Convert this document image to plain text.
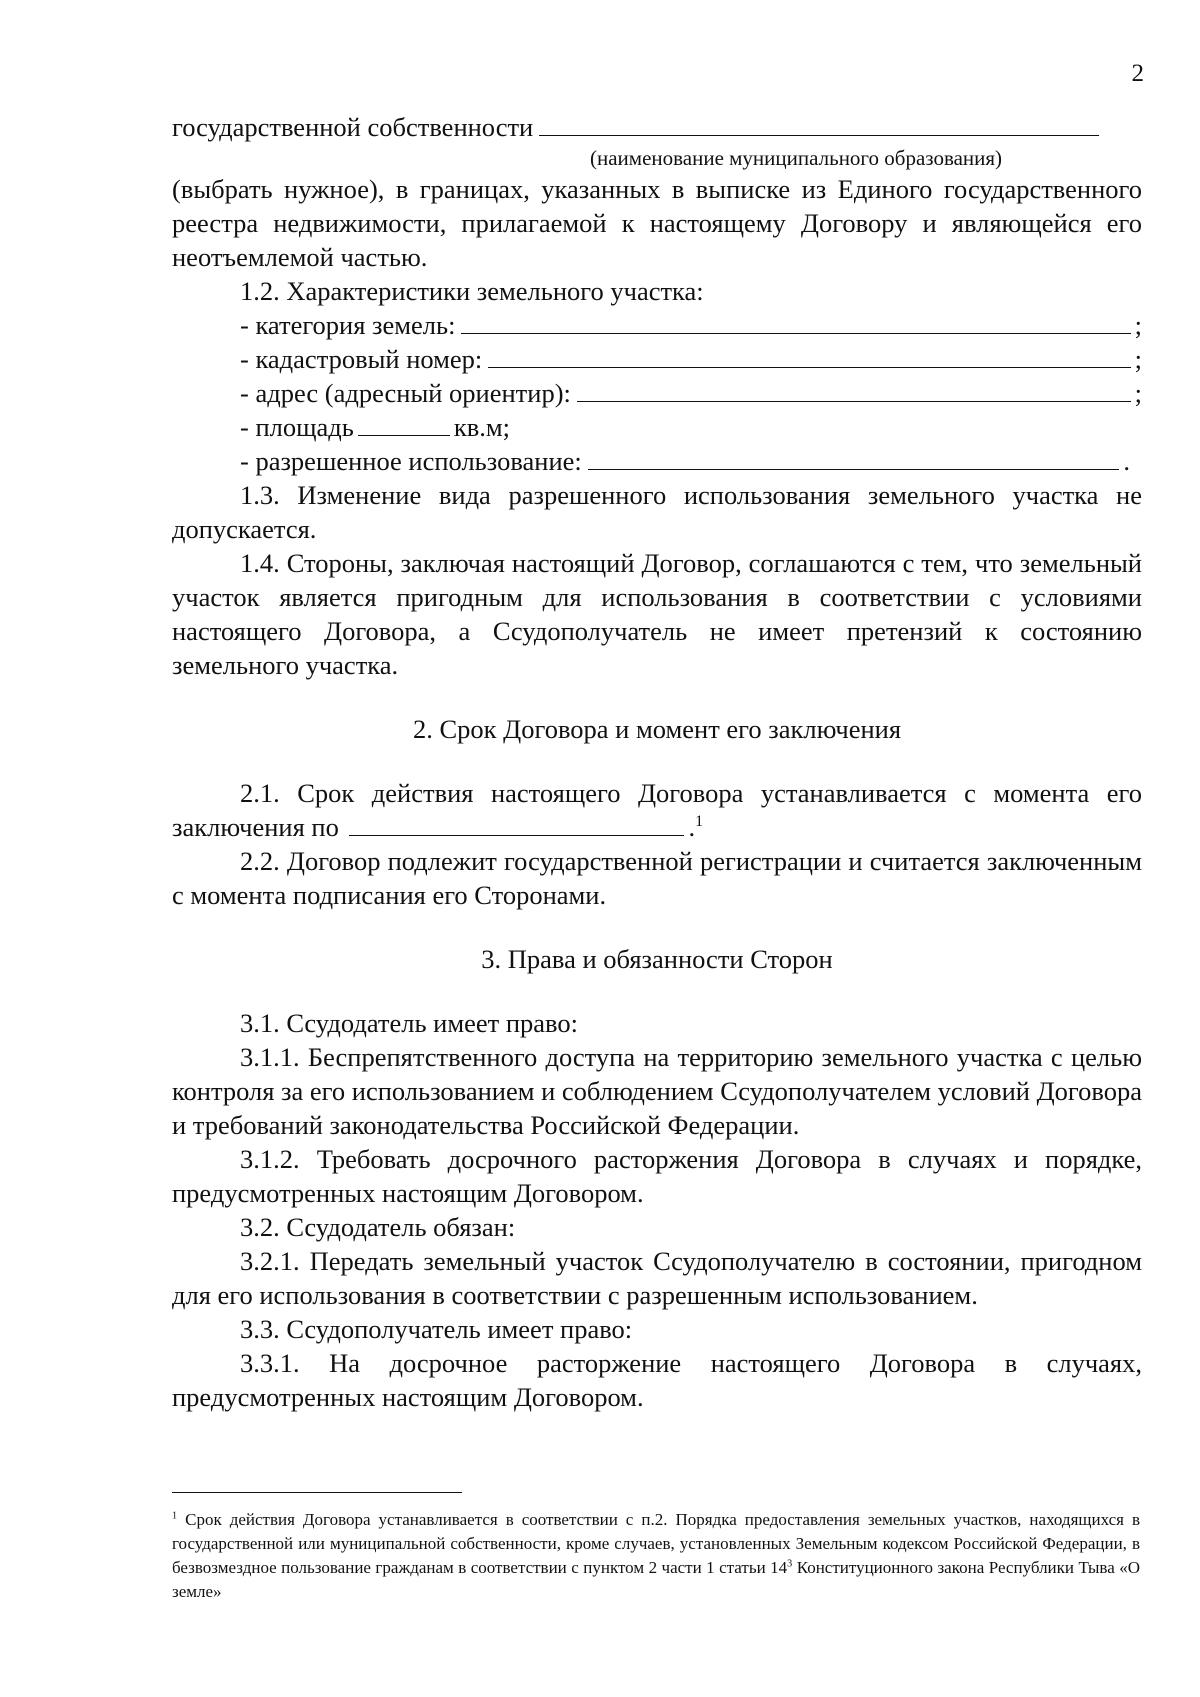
2
государственной собственности
(наименование муниципального образования)

(выбрать нужное), в границах, указанных в выписке из Единого государственного реестра недвижимости, прилагаемой к настоящему Договору и являющейся его неотъемлемой частью.

1.2. Характеристики земельного участка:

- категория земель:	;
- кадастровый номер:	;
- адрес (адресный ориентир):	;
- площадь	кв.м;
- разрешенное использование:	.

1.3. Изменение вида разрешенного использования земельного участка не допускается.

1.4. Стороны, заключая настоящий Договор, соглашаются с тем, что земельный участок является пригодным для использования в соответствии с условиями настоящего Договора, а Ссудополучатель не имеет претензий к состоянию земельного участка.

2. Срок Договора и момент его заключения

2.1. Срок действия настоящего Договора устанавливается с момента его заключения по	.$^1$

2.2. Договор подлежит государственной регистрации и считается заключенным с момента подписания его Сторонами.

3. Права и обязанности Сторон

3.1. Ссудодатель имеет право:

3.1.1. Беспрепятственного доступа на территорию земельного участка с целью контроля за его использованием и соблюдением Ссудополучателем условий Договора и требований законодательства Российской Федерации.

3.1.2. Требовать досрочного расторжения Договора в случаях и порядке, предусмотренных настоящим Договором.

3.2. Ссудодатель обязан:

3.2.1. Передать земельный участок Ссудополучателю в состоянии, пригодном для его использования в соответствии с разрешенным использованием.

3.3. Ссудополучатель имеет право:

3.3.1. На досрочное расторжение настоящего Договора в случаях, предусмотренных настоящим Договором.

$^1$ Срок действия Договора устанавливается в соответствии с п.2. Порядка предоставления земельных участков, находящихся в государственной или муниципальной собственности, кроме случаев, установленных Земельным кодексом Российской Федерации, в безвозмездное пользование гражданам в соответствии с пунктом 2 части 1 статьи $14^3$ Конституционного закона Республики Тыва «О земле»
